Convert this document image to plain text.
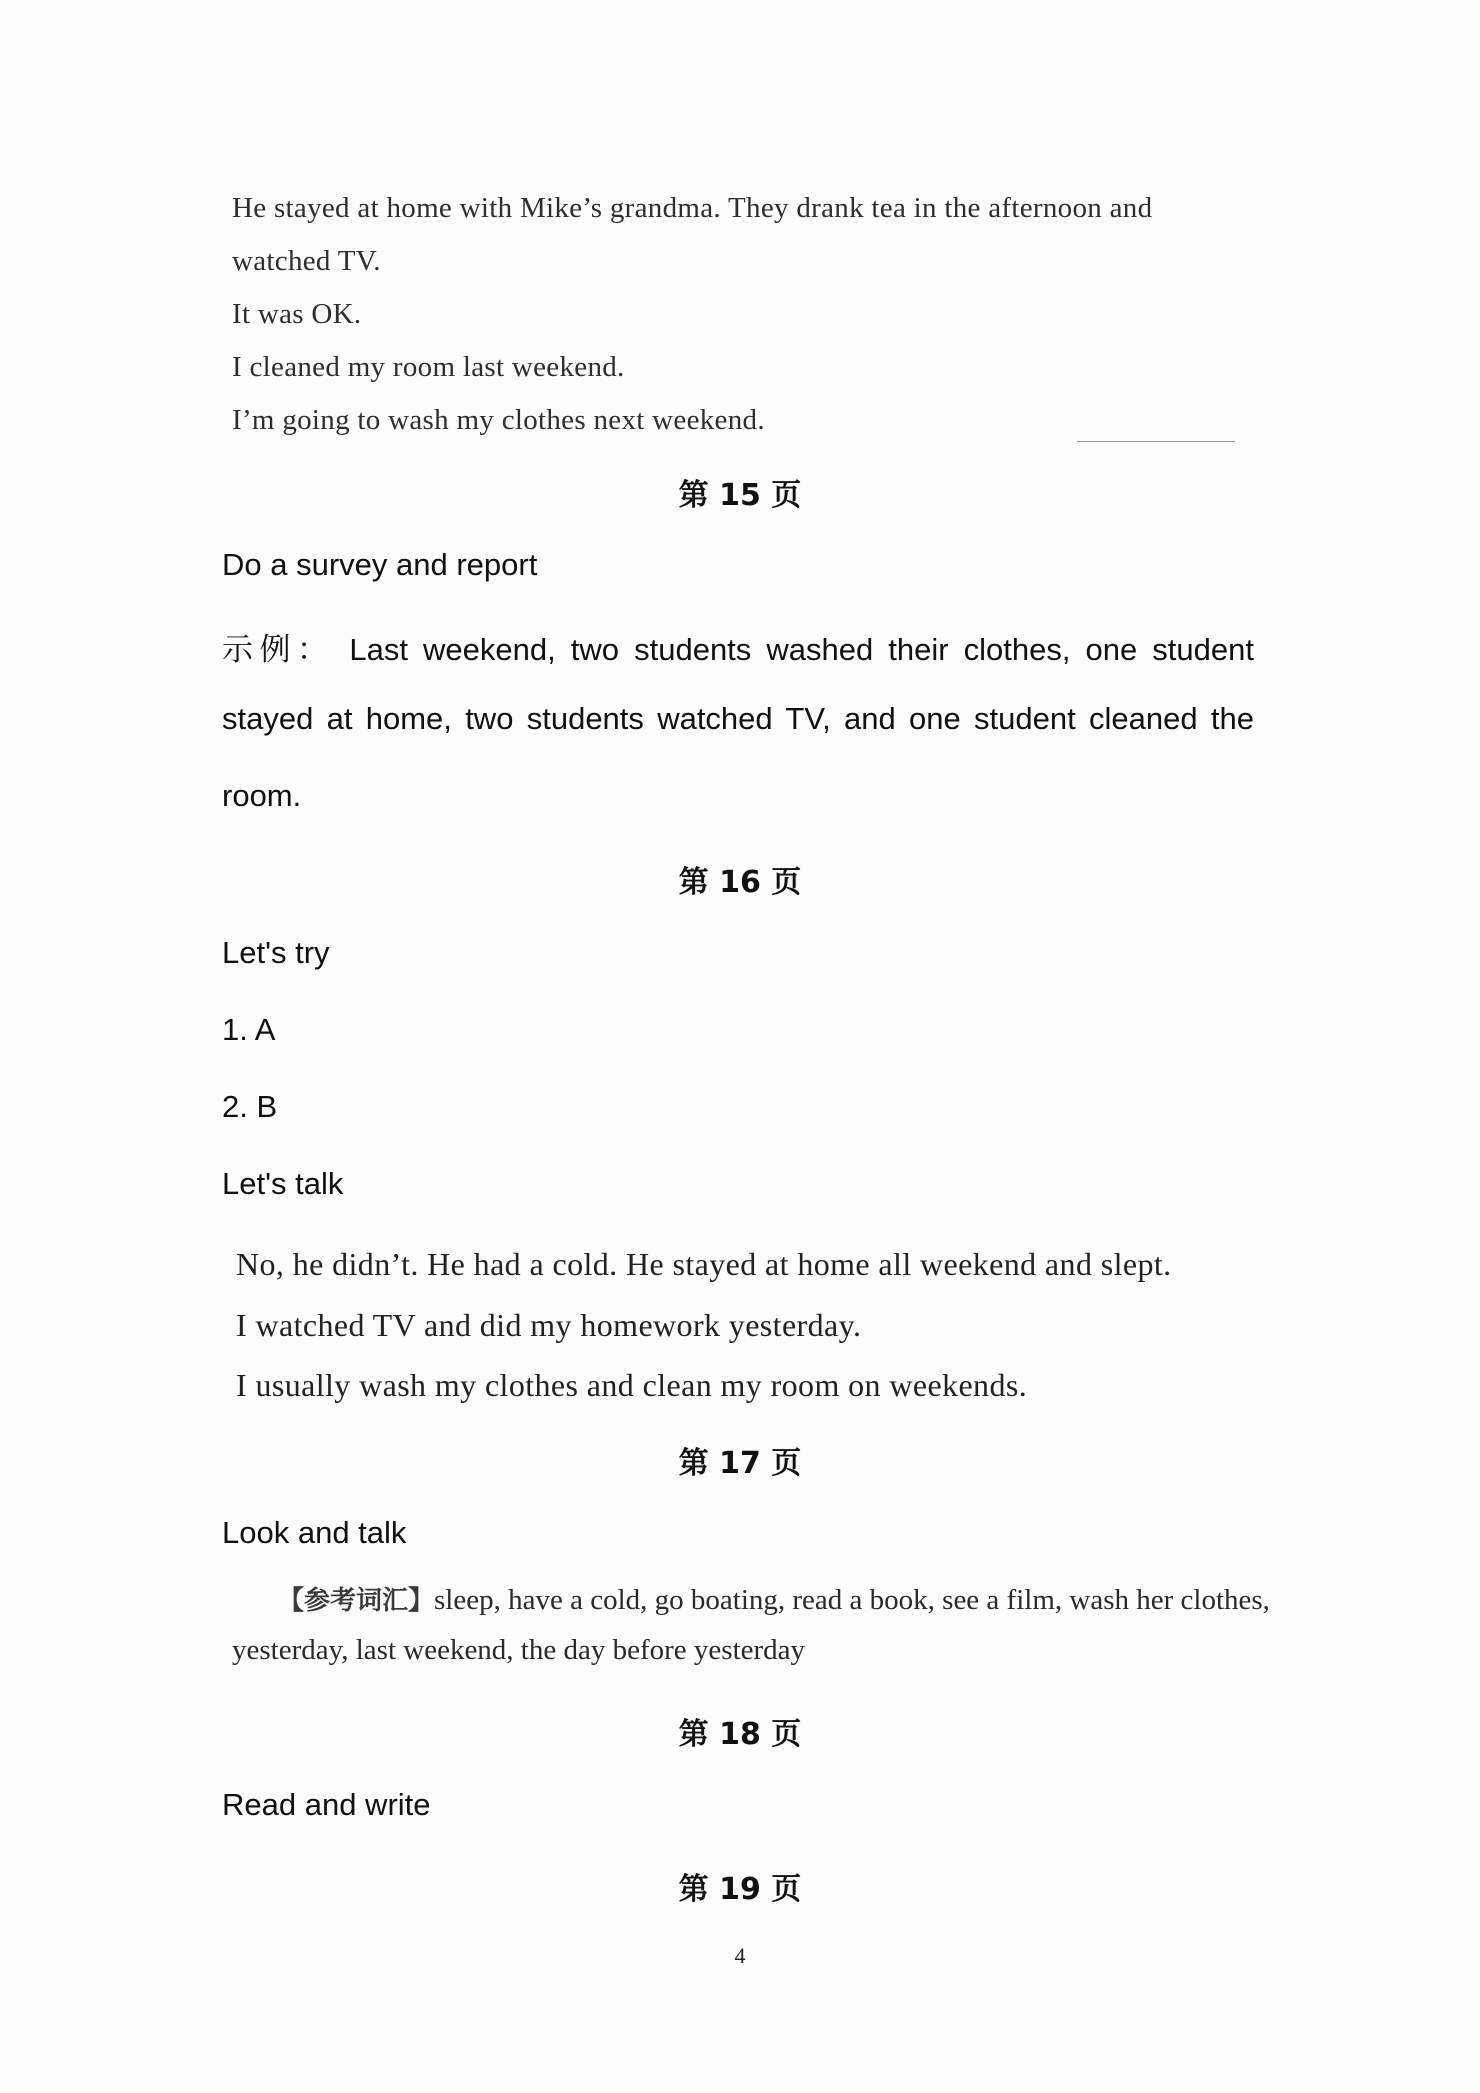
He stayed at home with Mike’s grandma. They drank tea in the afternoon and
watched TV.
It was OK.
I cleaned my room last weekend.
I’m going to wash my clothes next weekend.
第 15 页
Do a survey and report
示例： Last weekend, two students washed their clothes, one student
stayed at home, two students watched TV, and one student cleaned the
room.
第 16 页
Let's try
1. A
2. B
Let's talk
No, he didn’t. He had a cold. He stayed at home all weekend and slept.
I watched TV and did my homework yesterday.
I usually wash my clothes and clean my room on weekends.
第 17 页
Look and talk
【参考词汇】sleep, have a cold, go boating, read a book, see a film, wash her clothes,
yesterday, last weekend, the day before yesterday
第 18 页
Read and write
第 19 页
4
